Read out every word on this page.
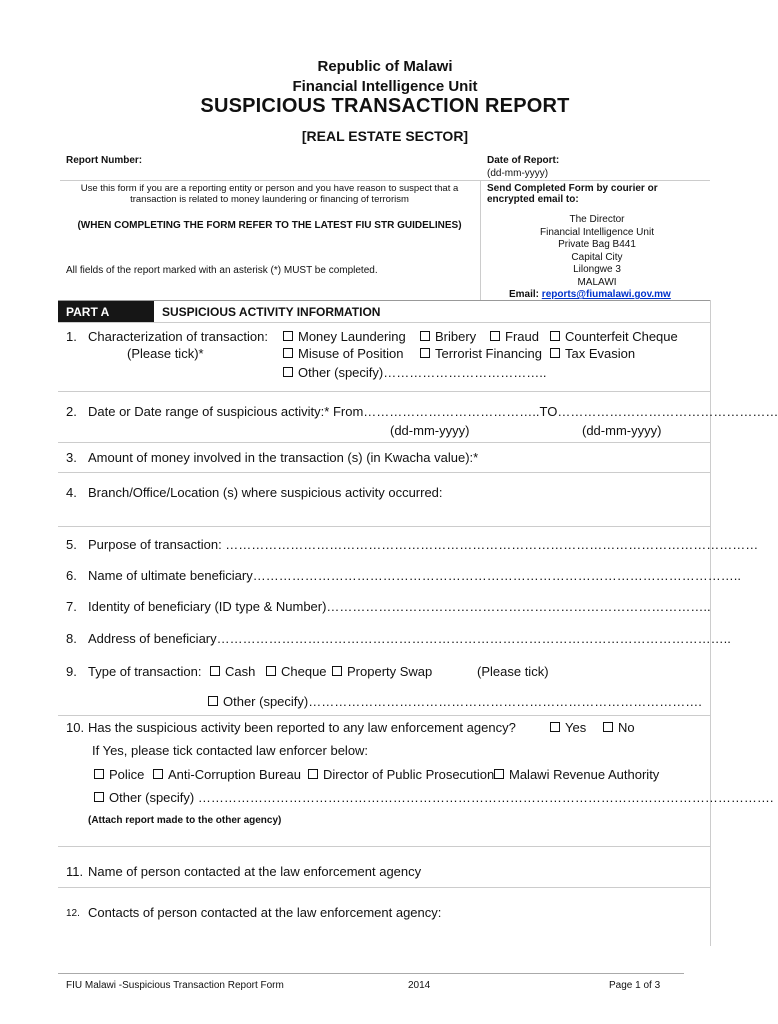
Republic of Malawi
Financial Intelligence Unit
SUSPICIOUS TRANSACTION REPORT
[REAL ESTATE SECTOR]
Report Number:	Date of Report:
(dd-mm-yyyy)
Use this form if you are a reporting entity or person and you have reason to suspect that a
transaction is related to money laundering or financing of terrorism
Send Completed Form by courier or
encrypted email to:
(WHEN COMPLETING THE FORM REFER TO THE LATEST FIU STR GUIDELINES)
The Director
Financial Intelligence Unit
Private Bag B441
Capital City
Lilongwe 3
MALAWI
All fields of the report marked with an asterisk (*) MUST be completed.
Email: reports@fiumalawi.gov.mw
PART A	SUSPICIOUS ACTIVITY INFORMATION
1. Characterization of transaction:
(Please tick)*
Money Laundering	Bribery	Fraud	Counterfeit Cheque
Misuse of Position	Terrorist Financing	Tax Evasion
Other (specify)………………………………..
2. Date or Date range of suspicious activity:* From…………………………………..TO……………………………………………
(dd-mm-yyyy)	(dd-mm-yyyy)
3. Amount of money involved in the transaction (s) (in Kwacha value):*
4. Branch/Office/Location (s) where suspicious activity occurred:
5. Purpose of transaction: ……………………………………………………………………………………………………………
6. Name of ultimate beneficiary…………………………………………………………………………………………………..
7. Identity of beneficiary (ID type & Number)……………………………………………………………………………..
8. Address of beneficiary………………………………………………………………………………………………………..
9. Type of transaction:	Cash	Cheque	Property Swap	(Please tick)
Other (specify)……………………………………………………………………………….
10. Has the suspicious activity been reported to any law enforcement agency?	Yes	No
If Yes, please tick contacted law enforcer below:
Police	Anti-Corruption Bureau	Director of Public Prosecution	Malawi Revenue Authority
Other (specify) …………………………………………………………………………………………………………………….
(Attach report made to the other agency)
11. Name of person contacted at the law enforcement agency
12. Contacts of person contacted at the law enforcement agency:
FIU Malawi -Suspicious Transaction Report Form	2014	Page 1 of 3
